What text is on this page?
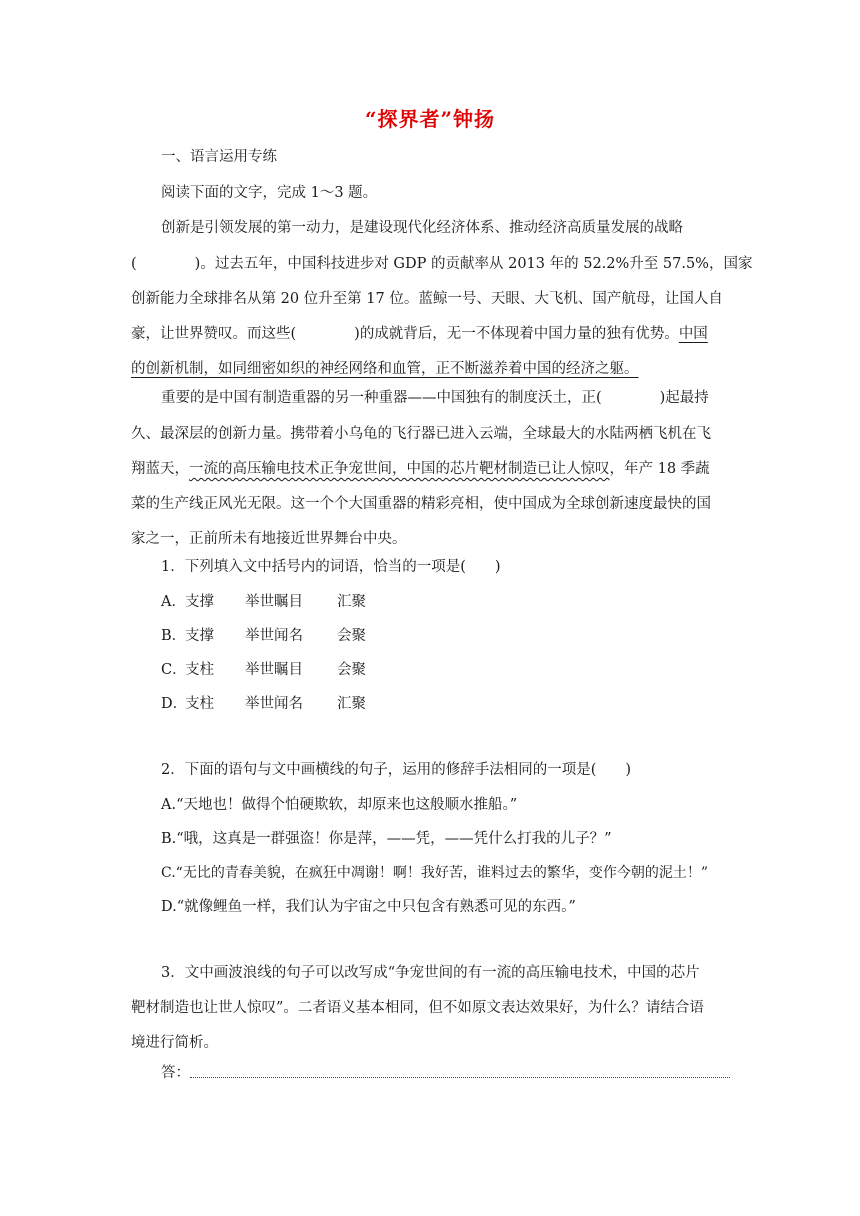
“探界者”钟扬
一、语言运用专练
阅读下面的文字，完成 1～3 题。
创新是引领发展的第一动力，是建设现代化经济体系、推动经济高质量发展的战略
(　　　　)。过去五年，中国科技进步对 GDP 的贡献率从 2013 年的 52.2%升至 57.5%，国家
创新能力全球排名从第 20 位升至第 17 位。蓝鲸一号、天眼、大飞机、国产航母，让国人自
豪，让世界赞叹。而这些(　　　　)的成就背后，无一不体现着中国力量的独有优势。中国
的创新机制，如同细密如织的神经网络和血管，正不断滋养着中国的经济之躯。
重要的是中国有制造重器的另一种重器——中国独有的制度沃土，正(　　　　)起最持
久、最深层的创新力量。携带着小乌龟的飞行器已进入云端，全球最大的水陆两栖飞机在飞
翔蓝天，一流的高压输电技术正争宠世间，中国的芯片靶材制造已让人惊叹，年产 18 季蔬
菜的生产线正风光无限。这一个个大国重器的精彩亮相，使中国成为全球创新速度最快的国
家之一，正前所未有地接近世界舞台中央。
1．下列填入文中括号内的词语，恰当的一项是(　　)
A．支撑 举世瞩目 汇聚
B．支撑 举世闻名 会聚
C．支柱 举世瞩目 会聚
D．支柱 举世闻名 汇聚
2．下面的语句与文中画横线的句子，运用的修辞手法相同的一项是(　　)
A.“天地也！做得个怕硬欺软，却原来也这般顺水推船。”
B.“哦，这真是一群强盗！你是萍，——凭，——凭什么打我的儿子？”
C.“无比的青春美貌，在疯狂中凋谢！啊！我好苦，谁料过去的繁华，变作今朝的泥土！”
D.“就像鲤鱼一样，我们认为宇宙之中只包含有熟悉可见的东西。”
3．文中画波浪线的句子可以改写成“争宠世间的有一流的高压输电技术，中国的芯片
靶材制造也让世人惊叹”。二者语义基本相同，但不如原文表达效果好，为什么？请结合语
境进行简析。
答：
